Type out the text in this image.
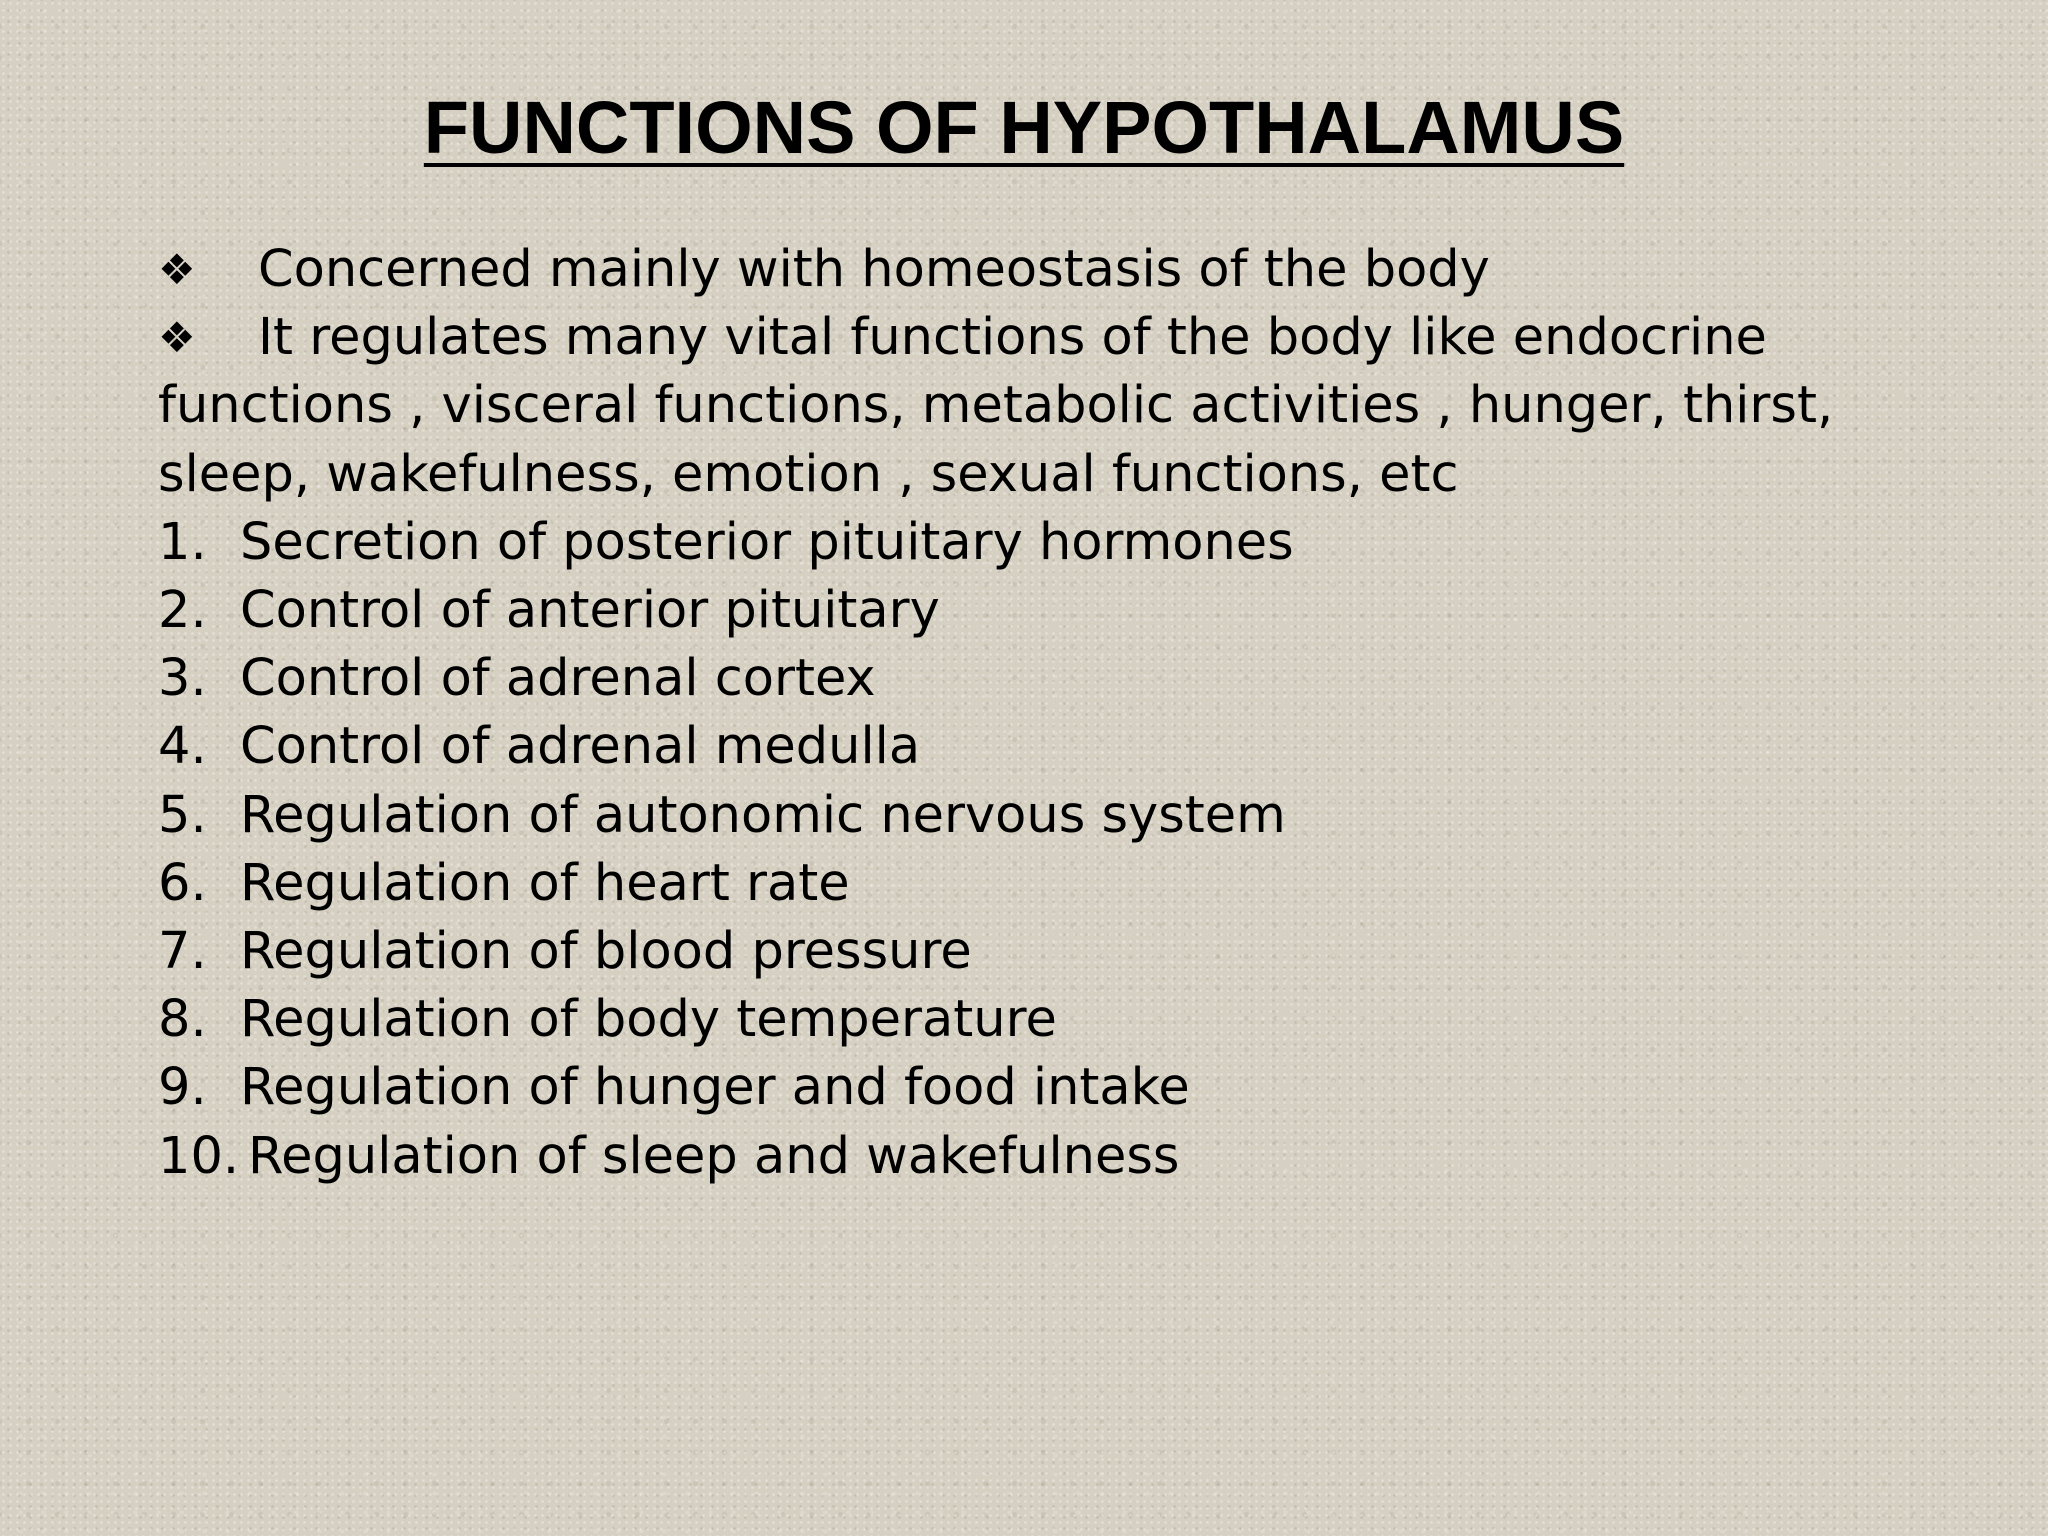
FUNCTIONS OF HYPOTHALAMUS

❖ Concerned mainly with homeostasis of the body

❖ It regulates many vital functions of the body like endocrine functions , visceral functions, metabolic activities , hunger, thirst, sleep, wakefulness, emotion , sexual functions, etc

1. Secretion of posterior pituitary hormones
2. Control of anterior pituitary
3. Control of adrenal cortex
4. Control of adrenal medulla
5. Regulation of autonomic nervous system
6. Regulation of heart rate
7. Regulation of blood pressure
8. Regulation of body temperature
9. Regulation of hunger and food intake
10. Regulation of sleep and wakefulness
